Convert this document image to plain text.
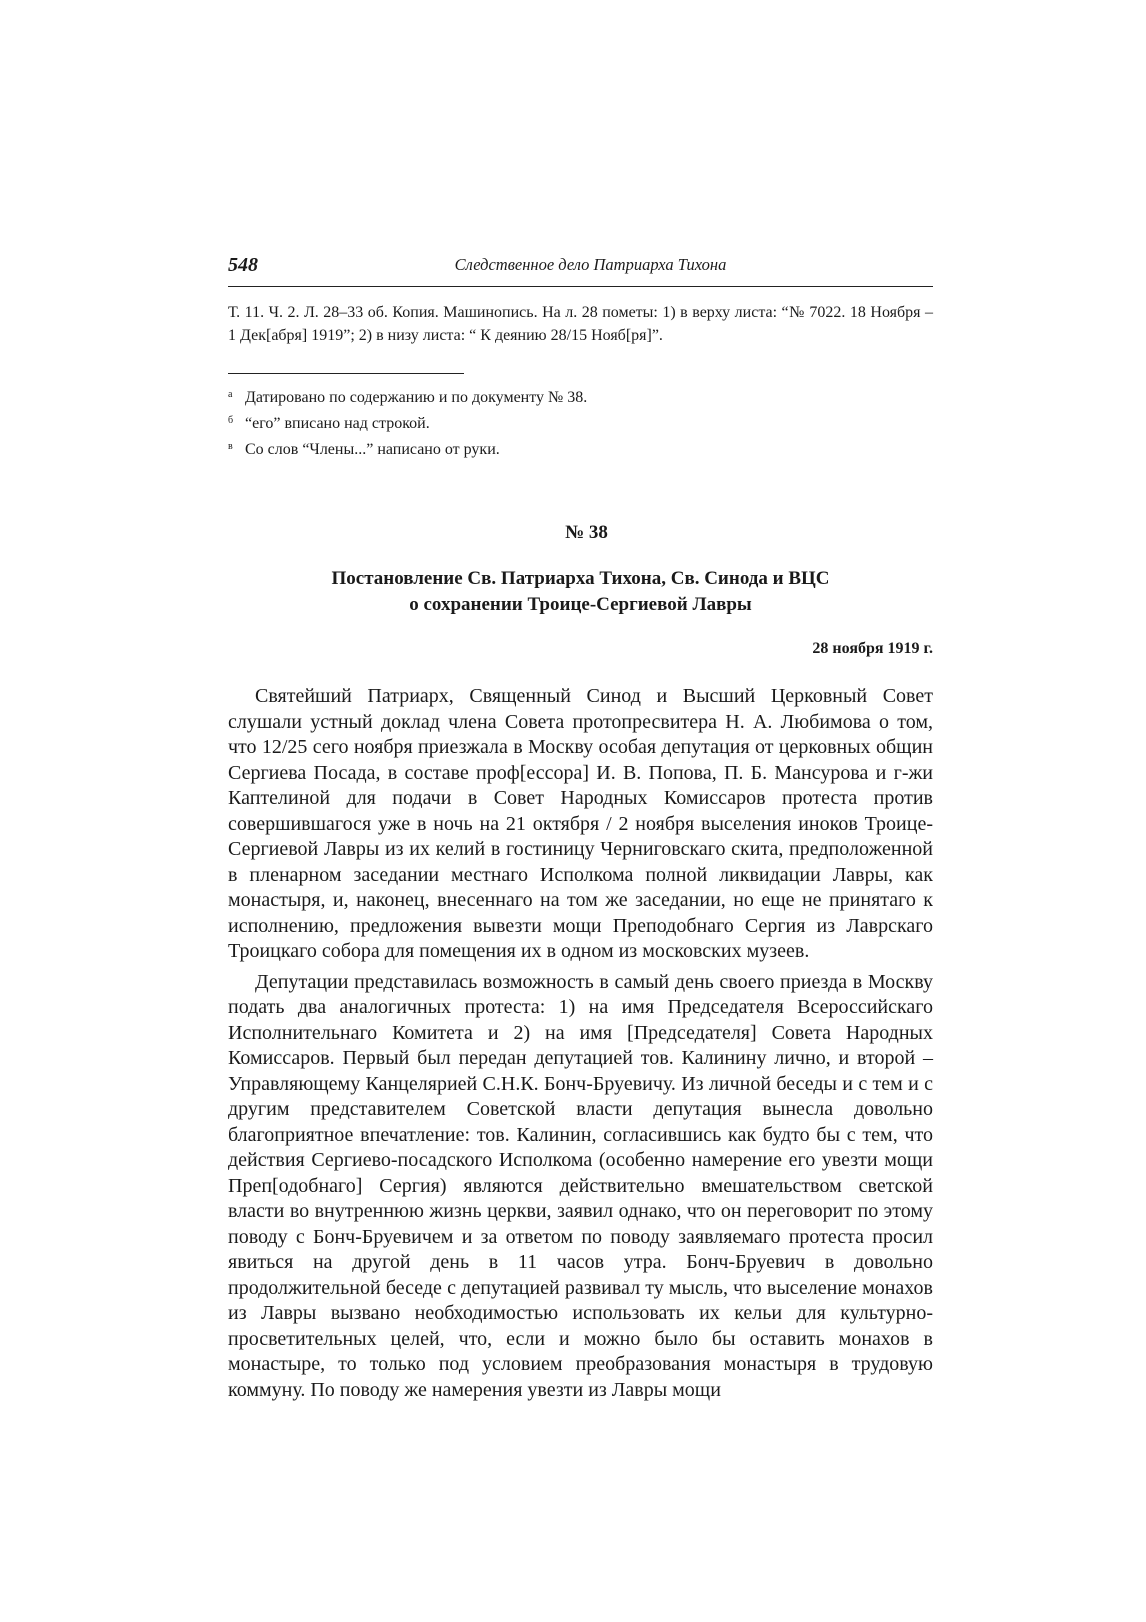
548	Следственное дело Патриарха Тихона
Т. 11. Ч. 2. Л. 28–33 об. Копия. Машинопись. На л. 28 пометы: 1) в верху листа: “№ 7022. 18 Ноября – 1 Дек[абря] 1919”; 2) в низу листа: “ К деянию 28/15 Нояб[ря]”.
а Датировано по содержанию и по документу № 38.
б “его” вписано над строкой.
в Со слов “Члены...” написано от руки.
№ 38
Постановление Св. Патриарха Тихона, Св. Синода и ВЦС
о сохранении Троице-Сергиевой Лавры
28 ноября 1919 г.

Святейший Патриарх, Священный Синод и Высший Церковный Совет слушали устный доклад члена Совета протопресвитера Н. А. Любимова о том, что 12/25 сего ноября приезжала в Москву особая депутация от церковных общин Сергиева Посада, в составе проф[ессора] И. В. Попова, П. Б. Мансурова и г-жи Каптелиной для подачи в Совет Народных Комиссаров протеста против совершившагося уже в ночь на 21 октября / 2 ноября выселения иноков Троице-Сергиевой Лавры из их келий в гостиницу Черниговскаго скита, предположенной в пленарном заседании местнаго Исполкома полной ликвидации Лавры, как монастыря, и, наконец, внесеннаго на том же заседании, но еще не принятаго к исполнению, предложения вывезти мощи Преподобнаго Сергия из Лаврскаго Троицкаго собора для помещения их в одном из московских музеев.

Депутации представилась возможность в самый день своего приезда в Москву подать два аналогичных протеста: 1) на имя Председателя Всероссийскаго Исполнительнаго Комитета и 2) на имя [Председателя] Совета Народных Комиссаров. Первый был передан депутацией тов. Калинину лично, и второй – Управляющему Канцелярией С.Н.К. Бонч-Бруевичу. Из личной беседы и с тем и с другим представителем Советской власти депутация вынесла довольно благоприятное впечатление: тов. Калинин, согласившись как будто бы с тем, что действия Сергиево-посадского Исполкома (особенно намерение его увезти мощи Преп[одобнаго] Сергия) являются действительно вмешательством светской власти во внутреннюю жизнь церкви, заявил однако, что он переговорит по этому поводу с Бонч-Бруевичем и за ответом по поводу заявляемаго протеста просил явиться на другой день в 11 часов утра. Бонч-Бруевич в довольно продолжительной беседе с депутацией развивал ту мысль, что выселение монахов из Лавры вызвано необходимостью использовать их кельи для культурно-просветительных целей, что, если и можно было бы оставить монахов в монастыре, то только под условием преобразования монастыря в трудовую коммуну. По поводу же намерения увезти из Лавры мощи
